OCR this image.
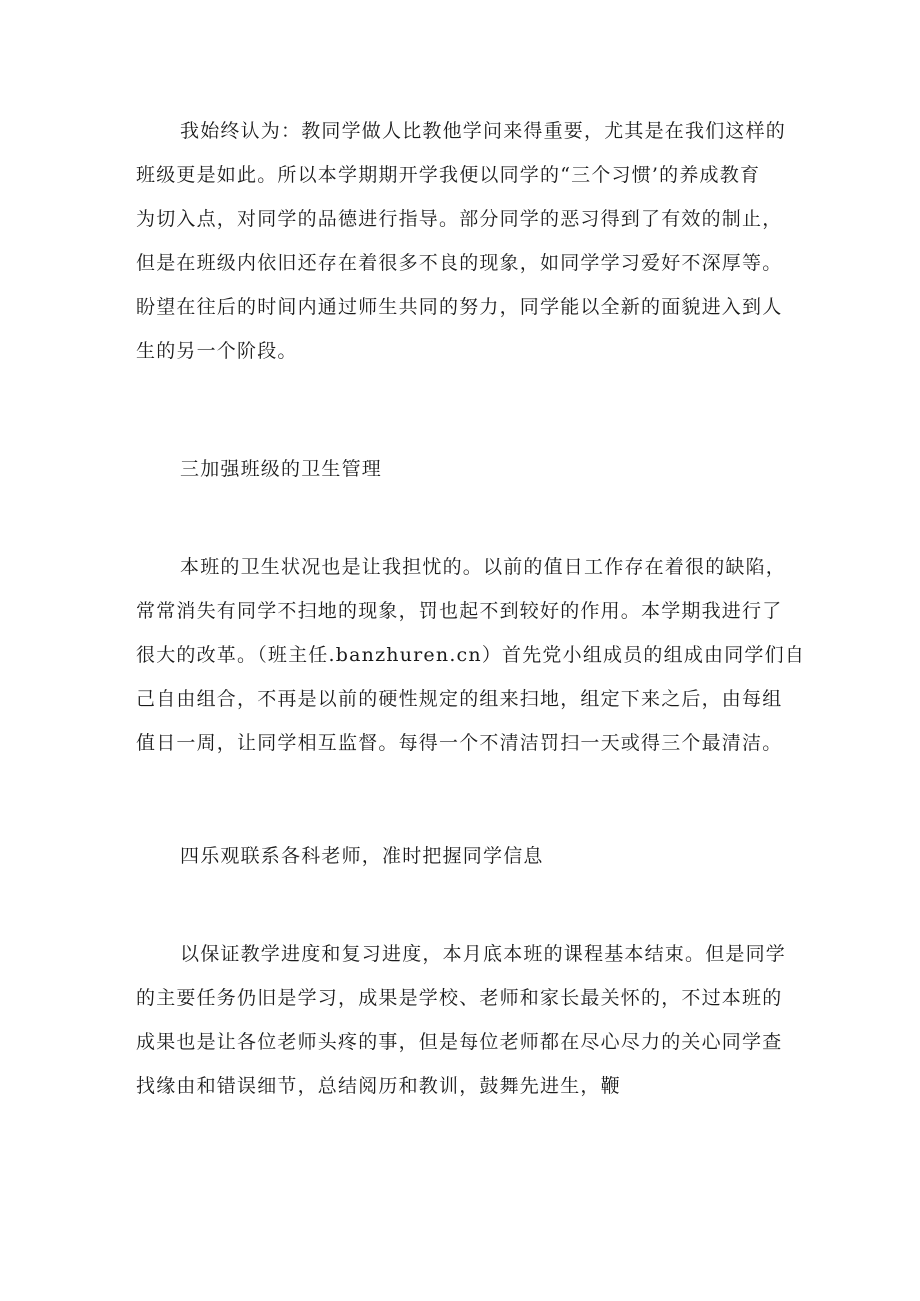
我始终认为：教同学做人比教他学问来得重要，尤其是在我们这样的
班级更是如此。所以本学期期开学我便以同学的“三个习惯’的养成教育
为切入点，对同学的品德进行指导。部分同学的恶习得到了有效的制止，
但是在班级内依旧还存在着很多不良的现象，如同学学习爱好不深厚等。
盼望在往后的时间内通过师生共同的努力，同学能以全新的面貌进入到人
生的另一个阶段。
三加强班级的卫生管理
本班的卫生状况也是让我担忧的。以前的值日工作存在着很的缺陷，
常常消失有同学不扫地的现象，罚也起不到较好的作用。本学期我进行了
很大的改革。（班主任.banzhuren.cn）首先党小组成员的组成由同学们自
己自由组合，不再是以前的硬性规定的组来扫地，组定下来之后，由每组
值日一周，让同学相互监督。每得一个不清洁罚扫一天或得三个最清洁。
四乐观联系各科老师，准时把握同学信息
以保证教学进度和复习进度，本月底本班的课程基本结束。但是同学
的主要任务仍旧是学习，成果是学校、老师和家长最关怀的，不过本班的
成果也是让各位老师头疼的事，但是每位老师都在尽心尽力的关心同学查
找缘由和错误细节，总结阅历和教训，鼓舞先进生，鞭
